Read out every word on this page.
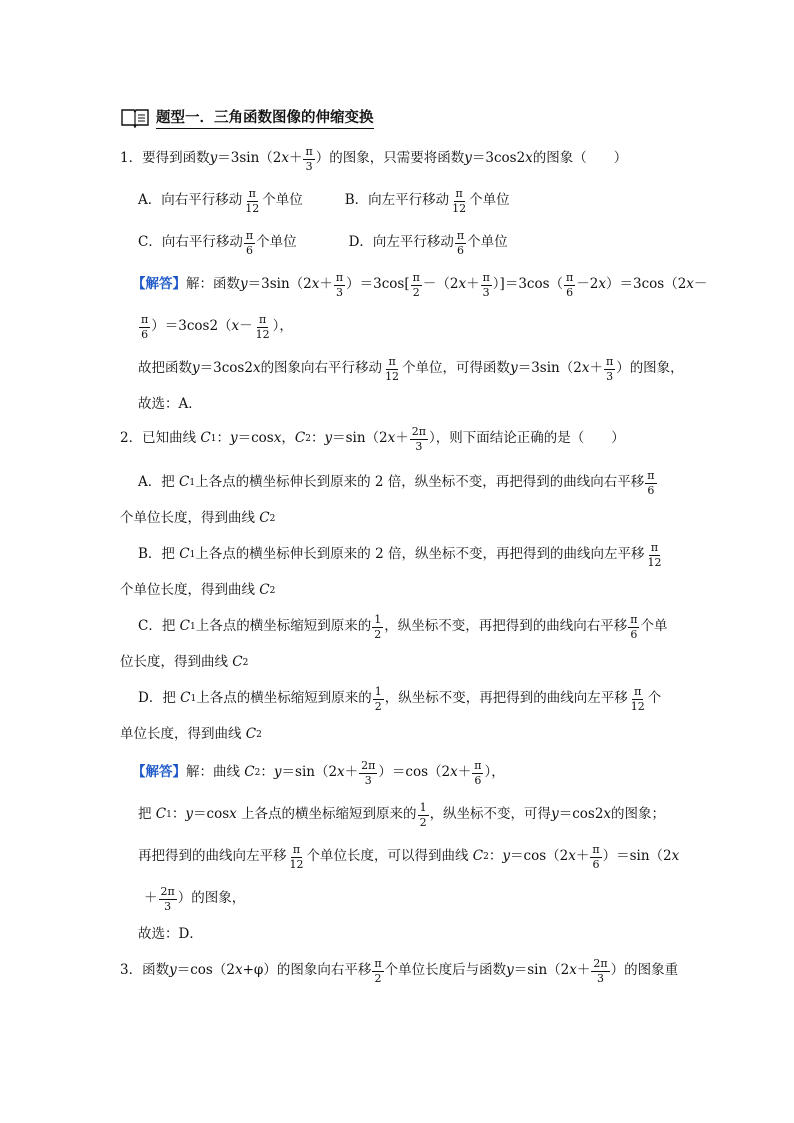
题型一．三角函数图像的伸缩变换
1．要得到函数 y ＝3sin（2 $x + \frac{\pi}{3}$ ） 的图象，只需要将函数 y ＝3cos2 x 的图象（　　）
A．向右平行移动 $\frac{\pi}{12}$ 个单位	B．向左平行移动 $\frac{\pi}{12}$ 个单位
C．向右平行移动 $\frac{\pi}{6}$ 个单位	D．向左平行移动 $\frac{\pi}{6}$ 个单位
【解答】 解：函数 y ＝3sin（2 $x + \frac{\pi}{3} )=3\cos[ \frac{\pi}{2} -(2$ $x + \frac{\pi}{3} )]=3\cos( \frac{\pi}{6} -2$ x ）＝3cos（2 x －
$\frac{\pi}{6} )=3\cos 2$（ $x - \frac{\pi}{12}$ ），
故把函数 y ＝3cos2 x 的图象向右平行移动 $\frac{\pi}{12}$ 个单位，可得函数 y ＝3sin（2 $x + \frac{\pi}{3}$ ） 的图象，
故选：A．
2．已知曲线
C 1 ： y ＝cos x ， C 2 ： y ＝sin（2 $x + \frac{2\pi}{3}$ ）， 则下面结论正确的是（　　）
A．把
C 1 上各点的横坐标伸长到原来的 2 倍，纵坐标不变，再把得到的曲线向右平移 $\frac{\pi}{6}$
个单位长度，得到曲线
C 2
B．把
C 1 上各点的横坐标伸长到原来的 2 倍，纵坐标不变，再把得到的曲线向左平移 $\frac{\pi}{12}$
个单位长度，得到曲线
C 2
C．把
C 1 上各点的横坐标缩短到原来的 $\frac{1}{2}$ ，纵坐标不变，再把得到的曲线向右平移 $\frac{\pi}{6}$ 个单
位长度，得到曲线
C 2
D．把
C 1 上各点的横坐标缩短到原来的 $\frac{1}{2}$ ，纵坐标不变，再把得到的曲线向左平移 $\frac{\pi}{12}$ 个
单位长度，得到曲线
C 2
【解答】 解：曲线
C 2 ： y ＝sin（2 $x + \frac{2\pi}{3} )=\cos(2$ $x + \frac{\pi}{6}$ ），
把
C 1 ： y ＝cos x
上各点的横坐标缩短到原来的 $\frac{1}{2}$ ，纵坐标不变，可得 y ＝cos2 x 的图象；
再把得到的曲线向左平移 $\frac{\pi}{12}$ 个单位长度，可以得到曲线
C 2 ： y ＝cos（2 $x + \frac{\pi}{6} )=\sin(2$ x
＋ $\frac{2\pi}{3}$ ） 的图象，
故选：D．
3．函数 y ＝cos（2 x +φ） 的图象向右平移 $\frac{\pi}{2}$ 个单位长度后与函数 y ＝sin（2 $x + \frac{2\pi}{3}$ ） 的图象重
